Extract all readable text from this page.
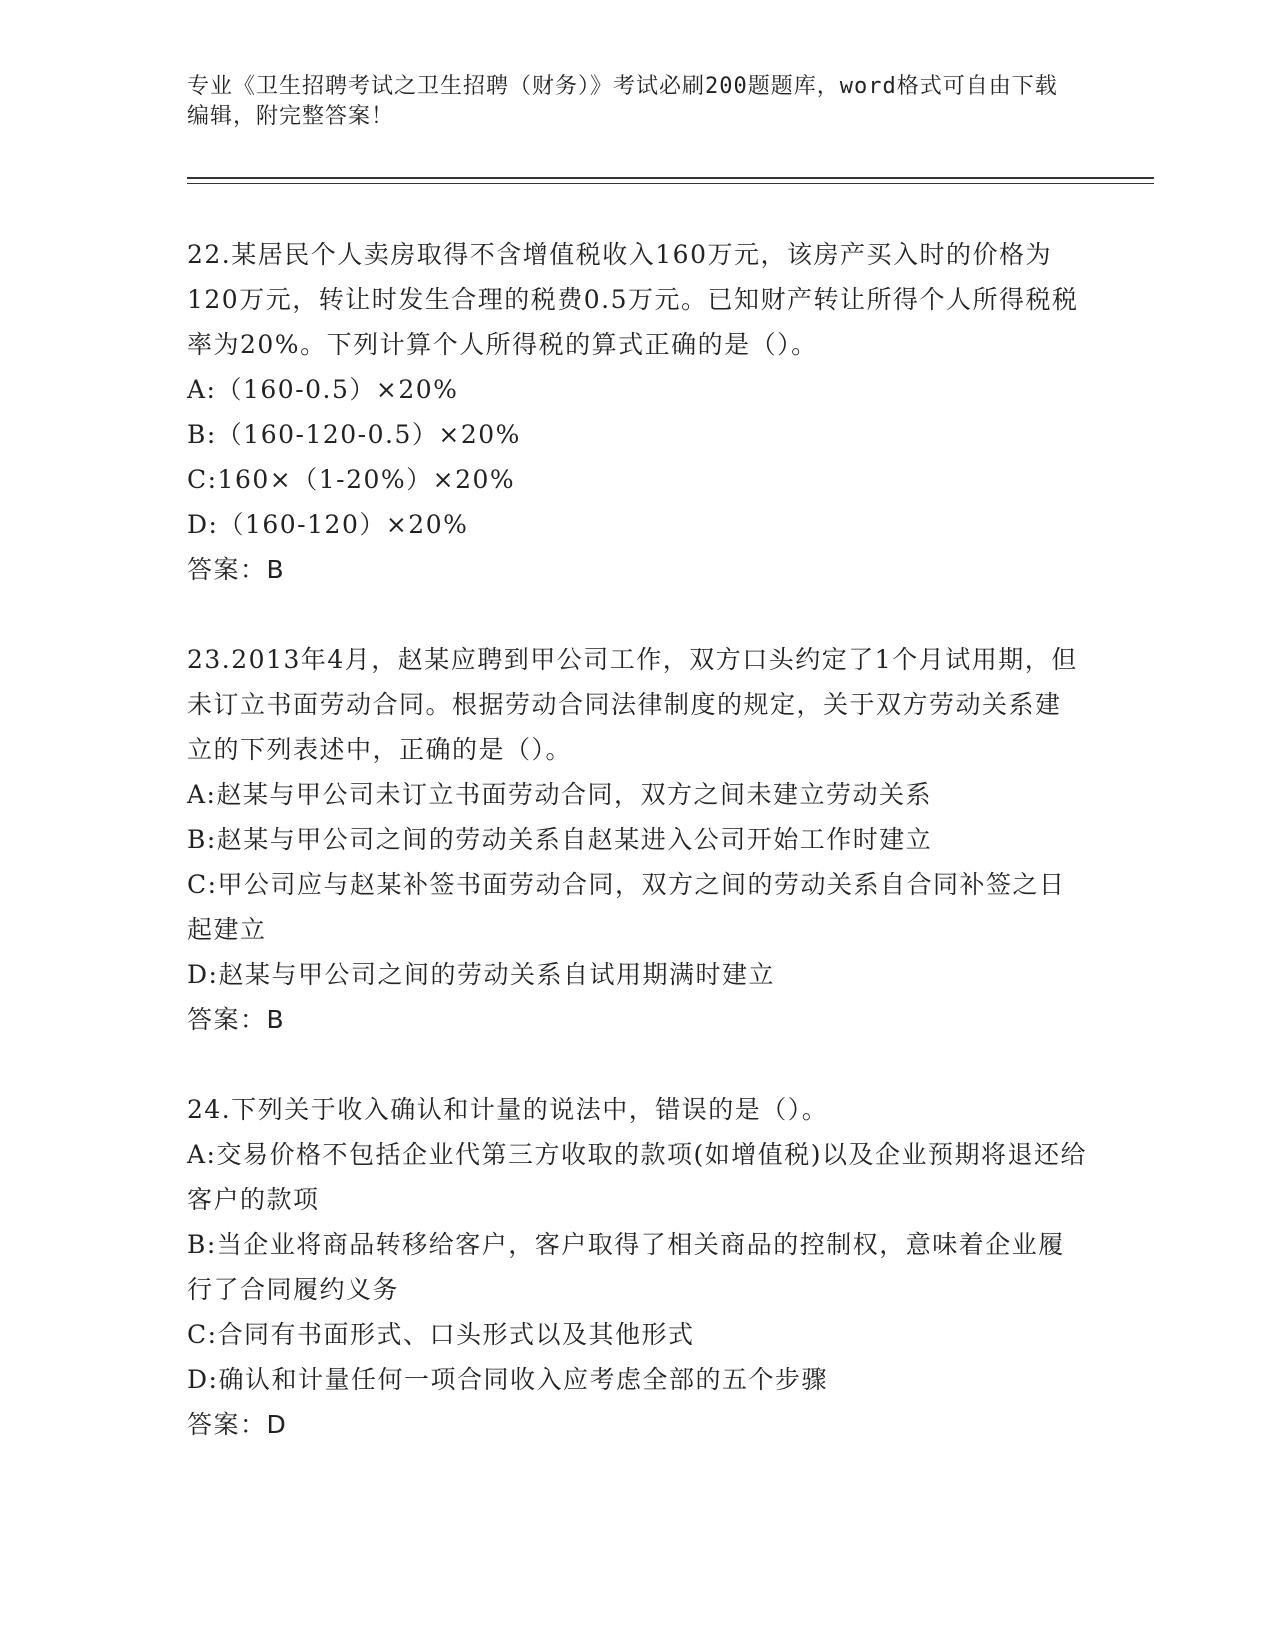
专业《卫生招聘考试之卫生招聘（财务）》考试必刷200题题库，word格式可自由下载编辑，附完整答案！

22.某居民个人卖房取得不含增值税收入160万元，该房产买入时的价格为120万元，转让时发生合理的税费0.5万元。已知财产转让所得个人所得税税率为20%。下列计算个人所得税的算式正确的是（）。

A:（160-0.5）×20%

B:（160-120-0.5）×20%

C:160×（1-20%）×20%

D:（160-120）×20%

答案：B

23.2013年4月，赵某应聘到甲公司工作，双方口头约定了1个月试用期，但未订立书面劳动合同。根据劳动合同法律制度的规定，关于双方劳动关系建立的下列表述中，正确的是（）。

A:赵某与甲公司未订立书面劳动合同，双方之间未建立劳动关系

B:赵某与甲公司之间的劳动关系自赵某进入公司开始工作时建立

C:甲公司应与赵某补签书面劳动合同，双方之间的劳动关系自合同补签之日起建立

D:赵某与甲公司之间的劳动关系自试用期满时建立

答案：B

24.下列关于收入确认和计量的说法中，错误的是（）。

A:交易价格不包括企业代第三方收取的款项(如增值税)以及企业预期将退还给客户的款项

B:当企业将商品转移给客户，客户取得了相关商品的控制权，意味着企业履行了合同履约义务

C:合同有书面形式、口头形式以及其他形式

D:确认和计量任何一项合同收入应考虑全部的五个步骤

答案：D
